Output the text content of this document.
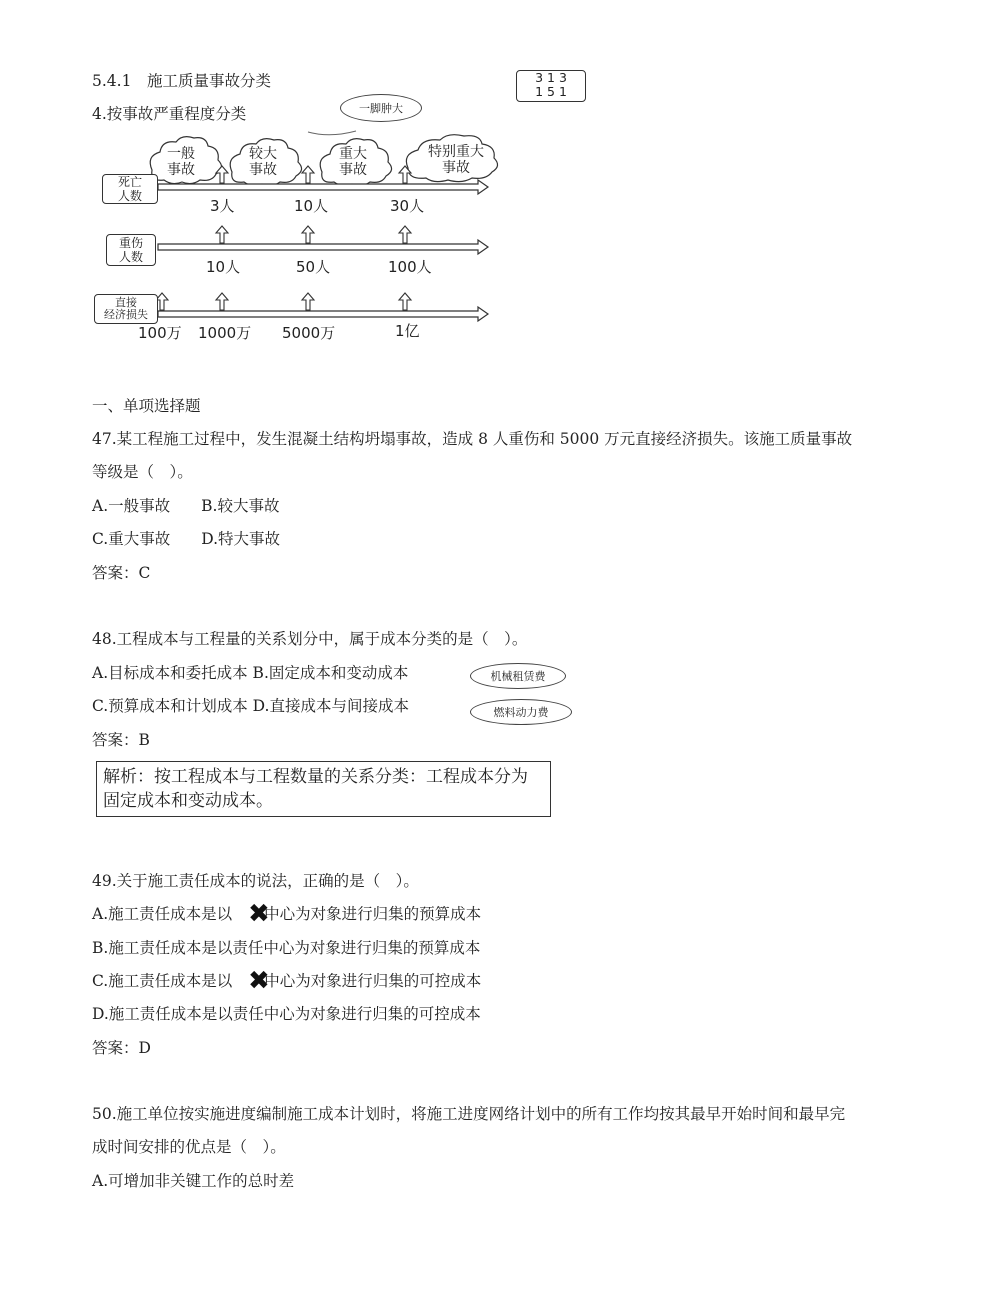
5.4.1　施工质量事故分类
4.按事故严重程度分类
3 1 3
1 5 1
一脚肿大
一般
事故
较大
事故
重大
事故
特别重大
事故
死亡
人数
重伤
人数
直接
经济损失
3人	10人	30人
10人	50人	100人
100万 1000万 5000万	1亿
一、单项选择题
47.某工程施工过程中，发生混凝土结构坍塌事故，造成 8 人重伤和 5000 万元直接经济损失。该施工质量事故
等级是（　）。
A.一般事故　　B.较大事故
C.重大事故　　D.特大事故
答案：C
48.工程成本与工程量的关系划分中，属于成本分类的是（　）。
A.目标成本和委托成本 B.固定成本和变动成本
C.预算成本和计划成本 D.直接成本与间接成本
机械租赁费
燃料动力费
答案：B
解析：按工程成本与工程数量的关系分类：工程成本分为
固定成本和变动成本。
49.关于施工责任成本的说法，正确的是（　）。
A.施工责任成本是以 中心为对象进行归集的预算成本
✖
B.施工责任成本是以责任中心为对象进行归集的预算成本
C.施工责任成本是以 中心为对象进行归集的可控成本
✖
D.施工责任成本是以责任中心为对象进行归集的可控成本
答案：D
50.施工单位按实施进度编制施工成本计划时，将施工进度网络计划中的所有工作均按其最早开始时间和最早完
成时间安排的优点是（　）。
A.可增加非关键工作的总时差
